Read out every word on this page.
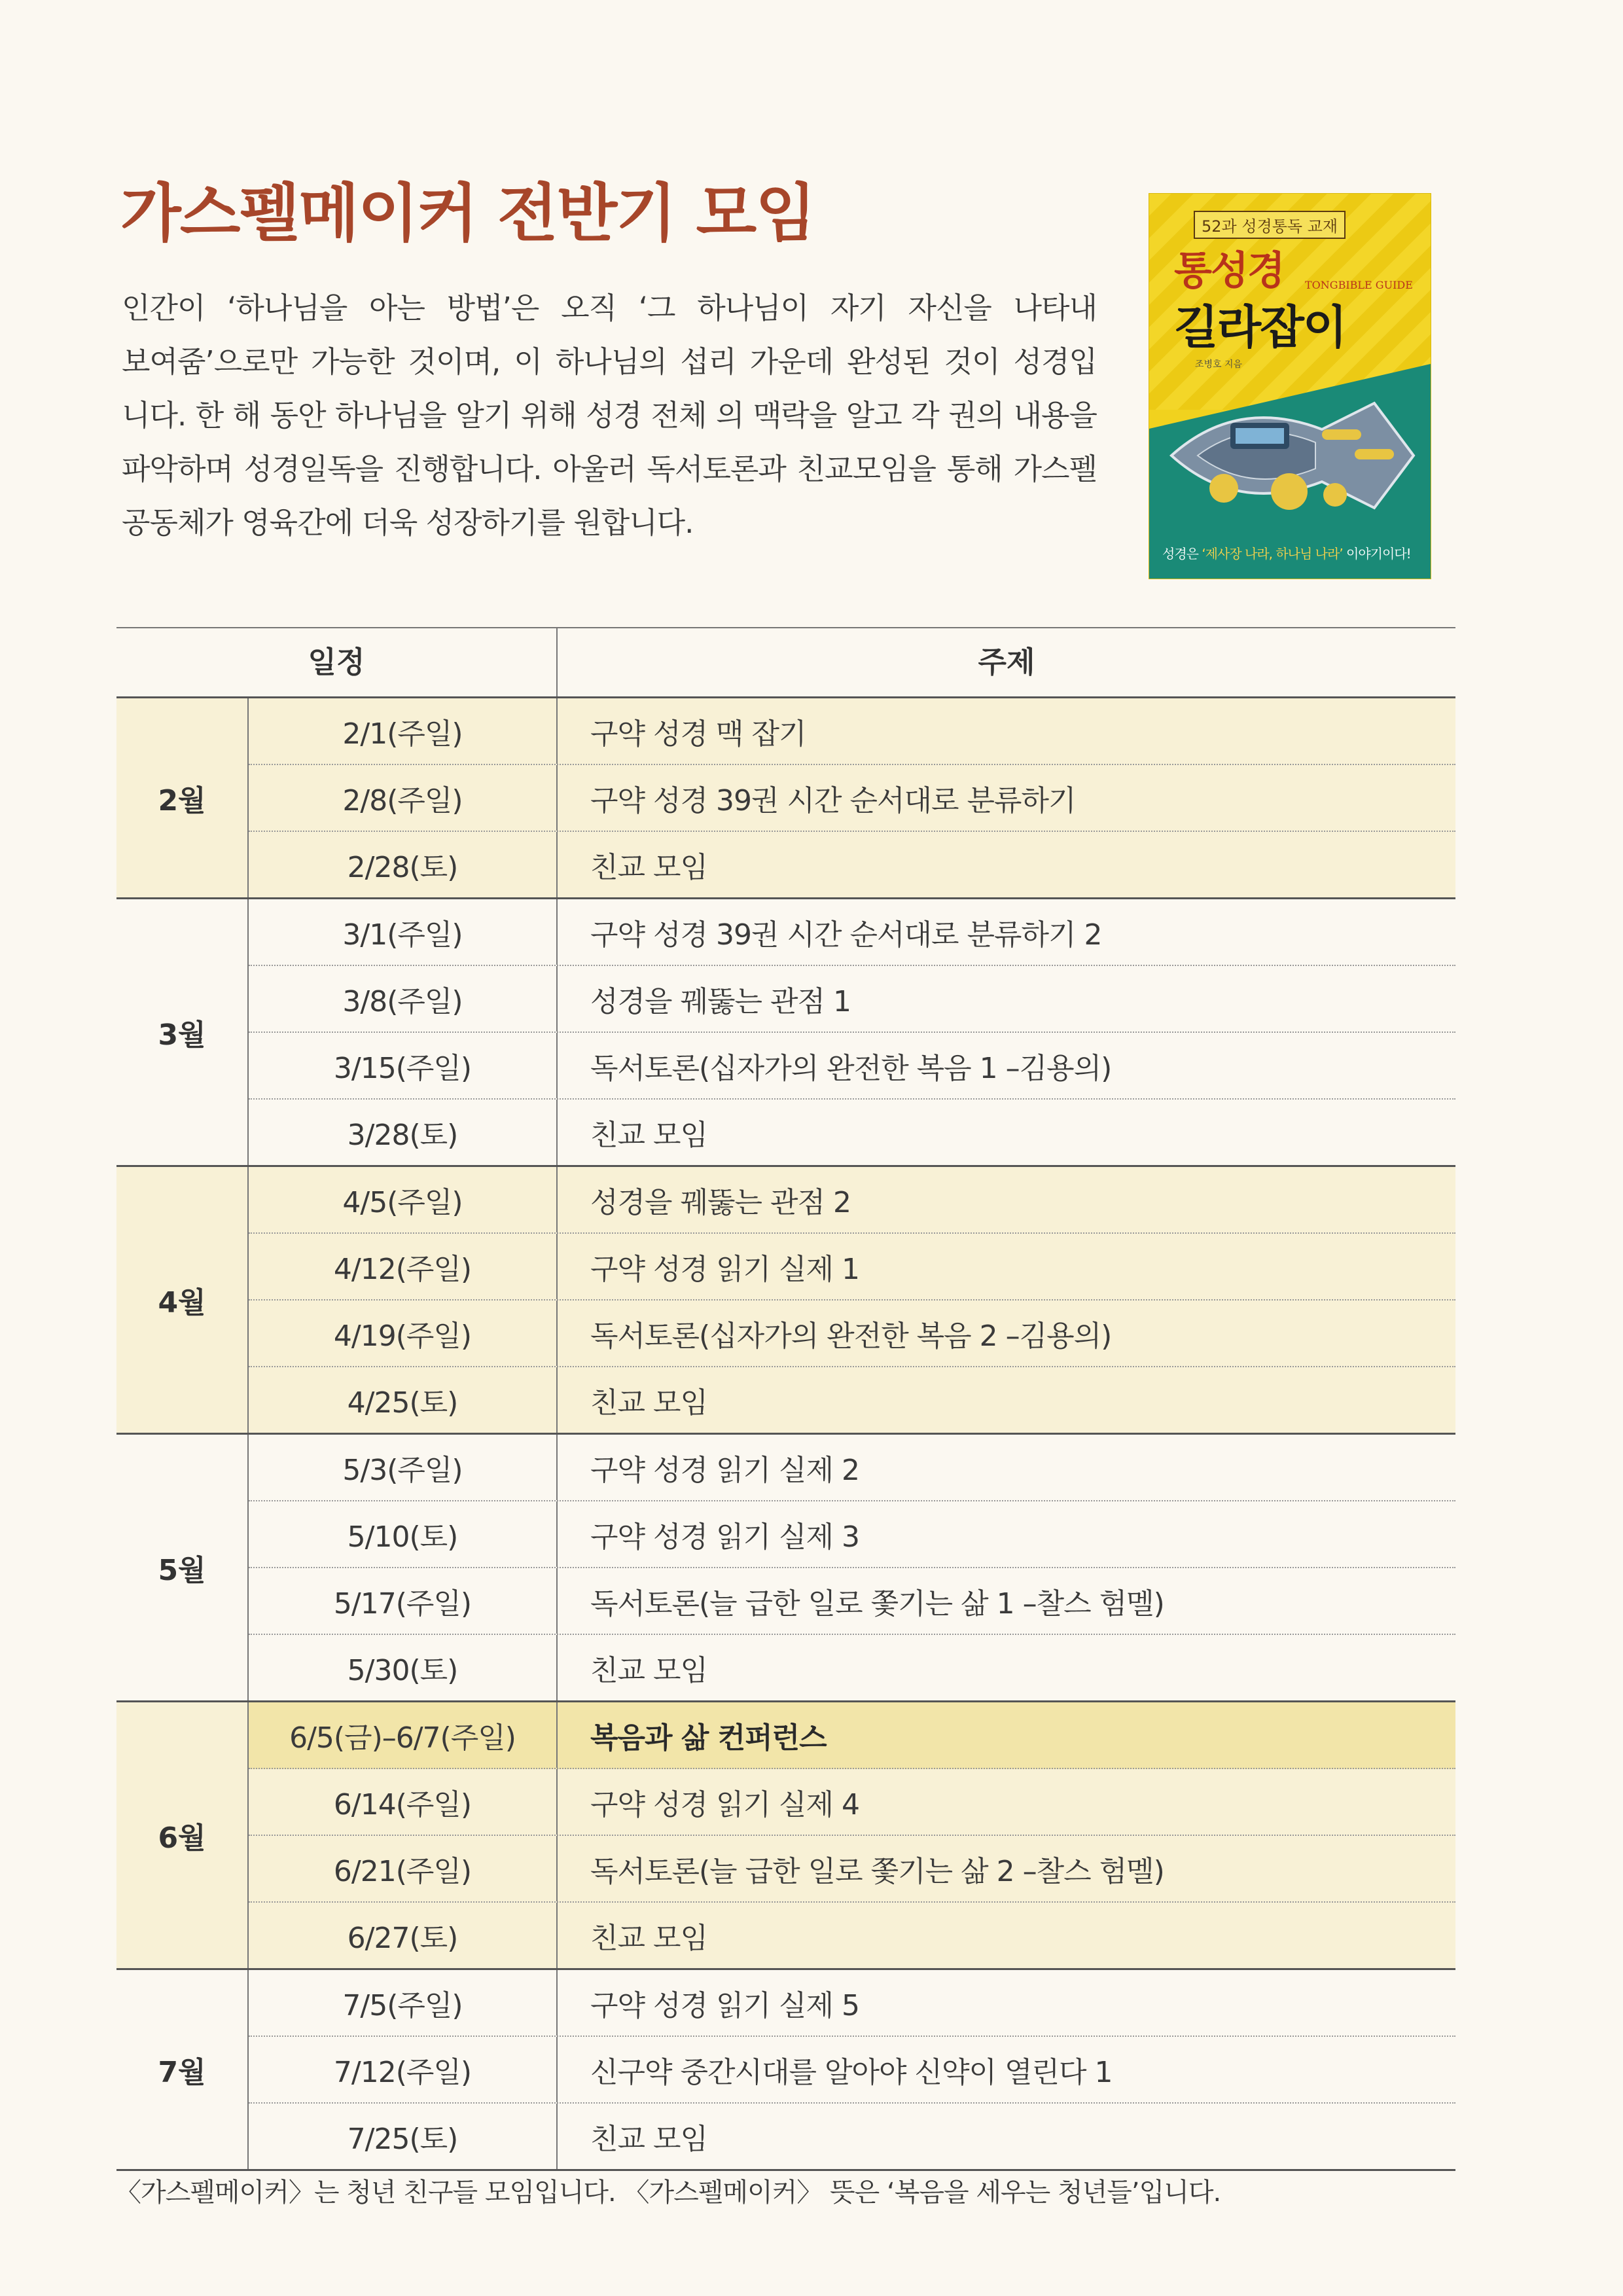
가스펠메이커 전반기 모임
인간이 ‘하나님을 아는 방법’은 오직 ‘그 하나님이 자기 자신을 나타내
보여줌’으로만 가능한 것이며, 이 하나님의 섭리 가운데 완성된 것이 성경입
니다. 한 해 동안 하나님을 알기 위해 성경 전체 의 맥락을 알고 각 권의 내용을
파악하며 성경일독을 진행합니다. 아울러 독서토론과 친교모임을 통해 가스펠
공동체가 영육간에 더욱 성장하기를 원합니다.
52과 성경통독 교재
통성경 TONGBIBLE GUIDE
길라잡이
조병호 지음
성경은 ‘제사장 나라, 하나님 나라’ 이야기이다!
일정	주제
2월
2/1(주일)	구약 성경 맥 잡기
2/8(주일)	구약 성경 39권 시간 순서대로 분류하기
2/28(토)	친교 모임
3월
3/1(주일)	구약 성경 39권 시간 순서대로 분류하기 2
3/8(주일)	성경을 꿰뚫는 관점 1
3/15(주일)	독서토론(십자가의 완전한 복음 1 –김용의)
3/28(토)	친교 모임
4월
4/5(주일)	성경을 꿰뚫는 관점 2
4/12(주일)	구약 성경 읽기 실제 1
4/19(주일)	독서토론(십자가의 완전한 복음 2 –김용의)
4/25(토)	친교 모임
5월
5/3(주일)	구약 성경 읽기 실제 2
5/10(토)	구약 성경 읽기 실제 3
5/17(주일)	독서토론(늘 급한 일로 쫓기는 삶 1 –찰스 험멜)
5/30(토)	친교 모임
6월
6/5(금)–6/7(주일)	복음과 삶 컨퍼런스
6/14(주일)	구약 성경 읽기 실제 4
6/21(주일)	독서토론(늘 급한 일로 쫓기는 삶 2 –찰스 험멜)
6/27(토)	친교 모임
7월
7/5(주일)	구약 성경 읽기 실제 5
7/12(주일)	신구약 중간시대를 알아야 신약이 열린다 1
7/25(토)	친교 모임
〈가스펠메이커〉는 청년 친구들 모임입니다. 〈가스펠메이커〉 뜻은 ‘복음을 세우는 청년들’입니다.
